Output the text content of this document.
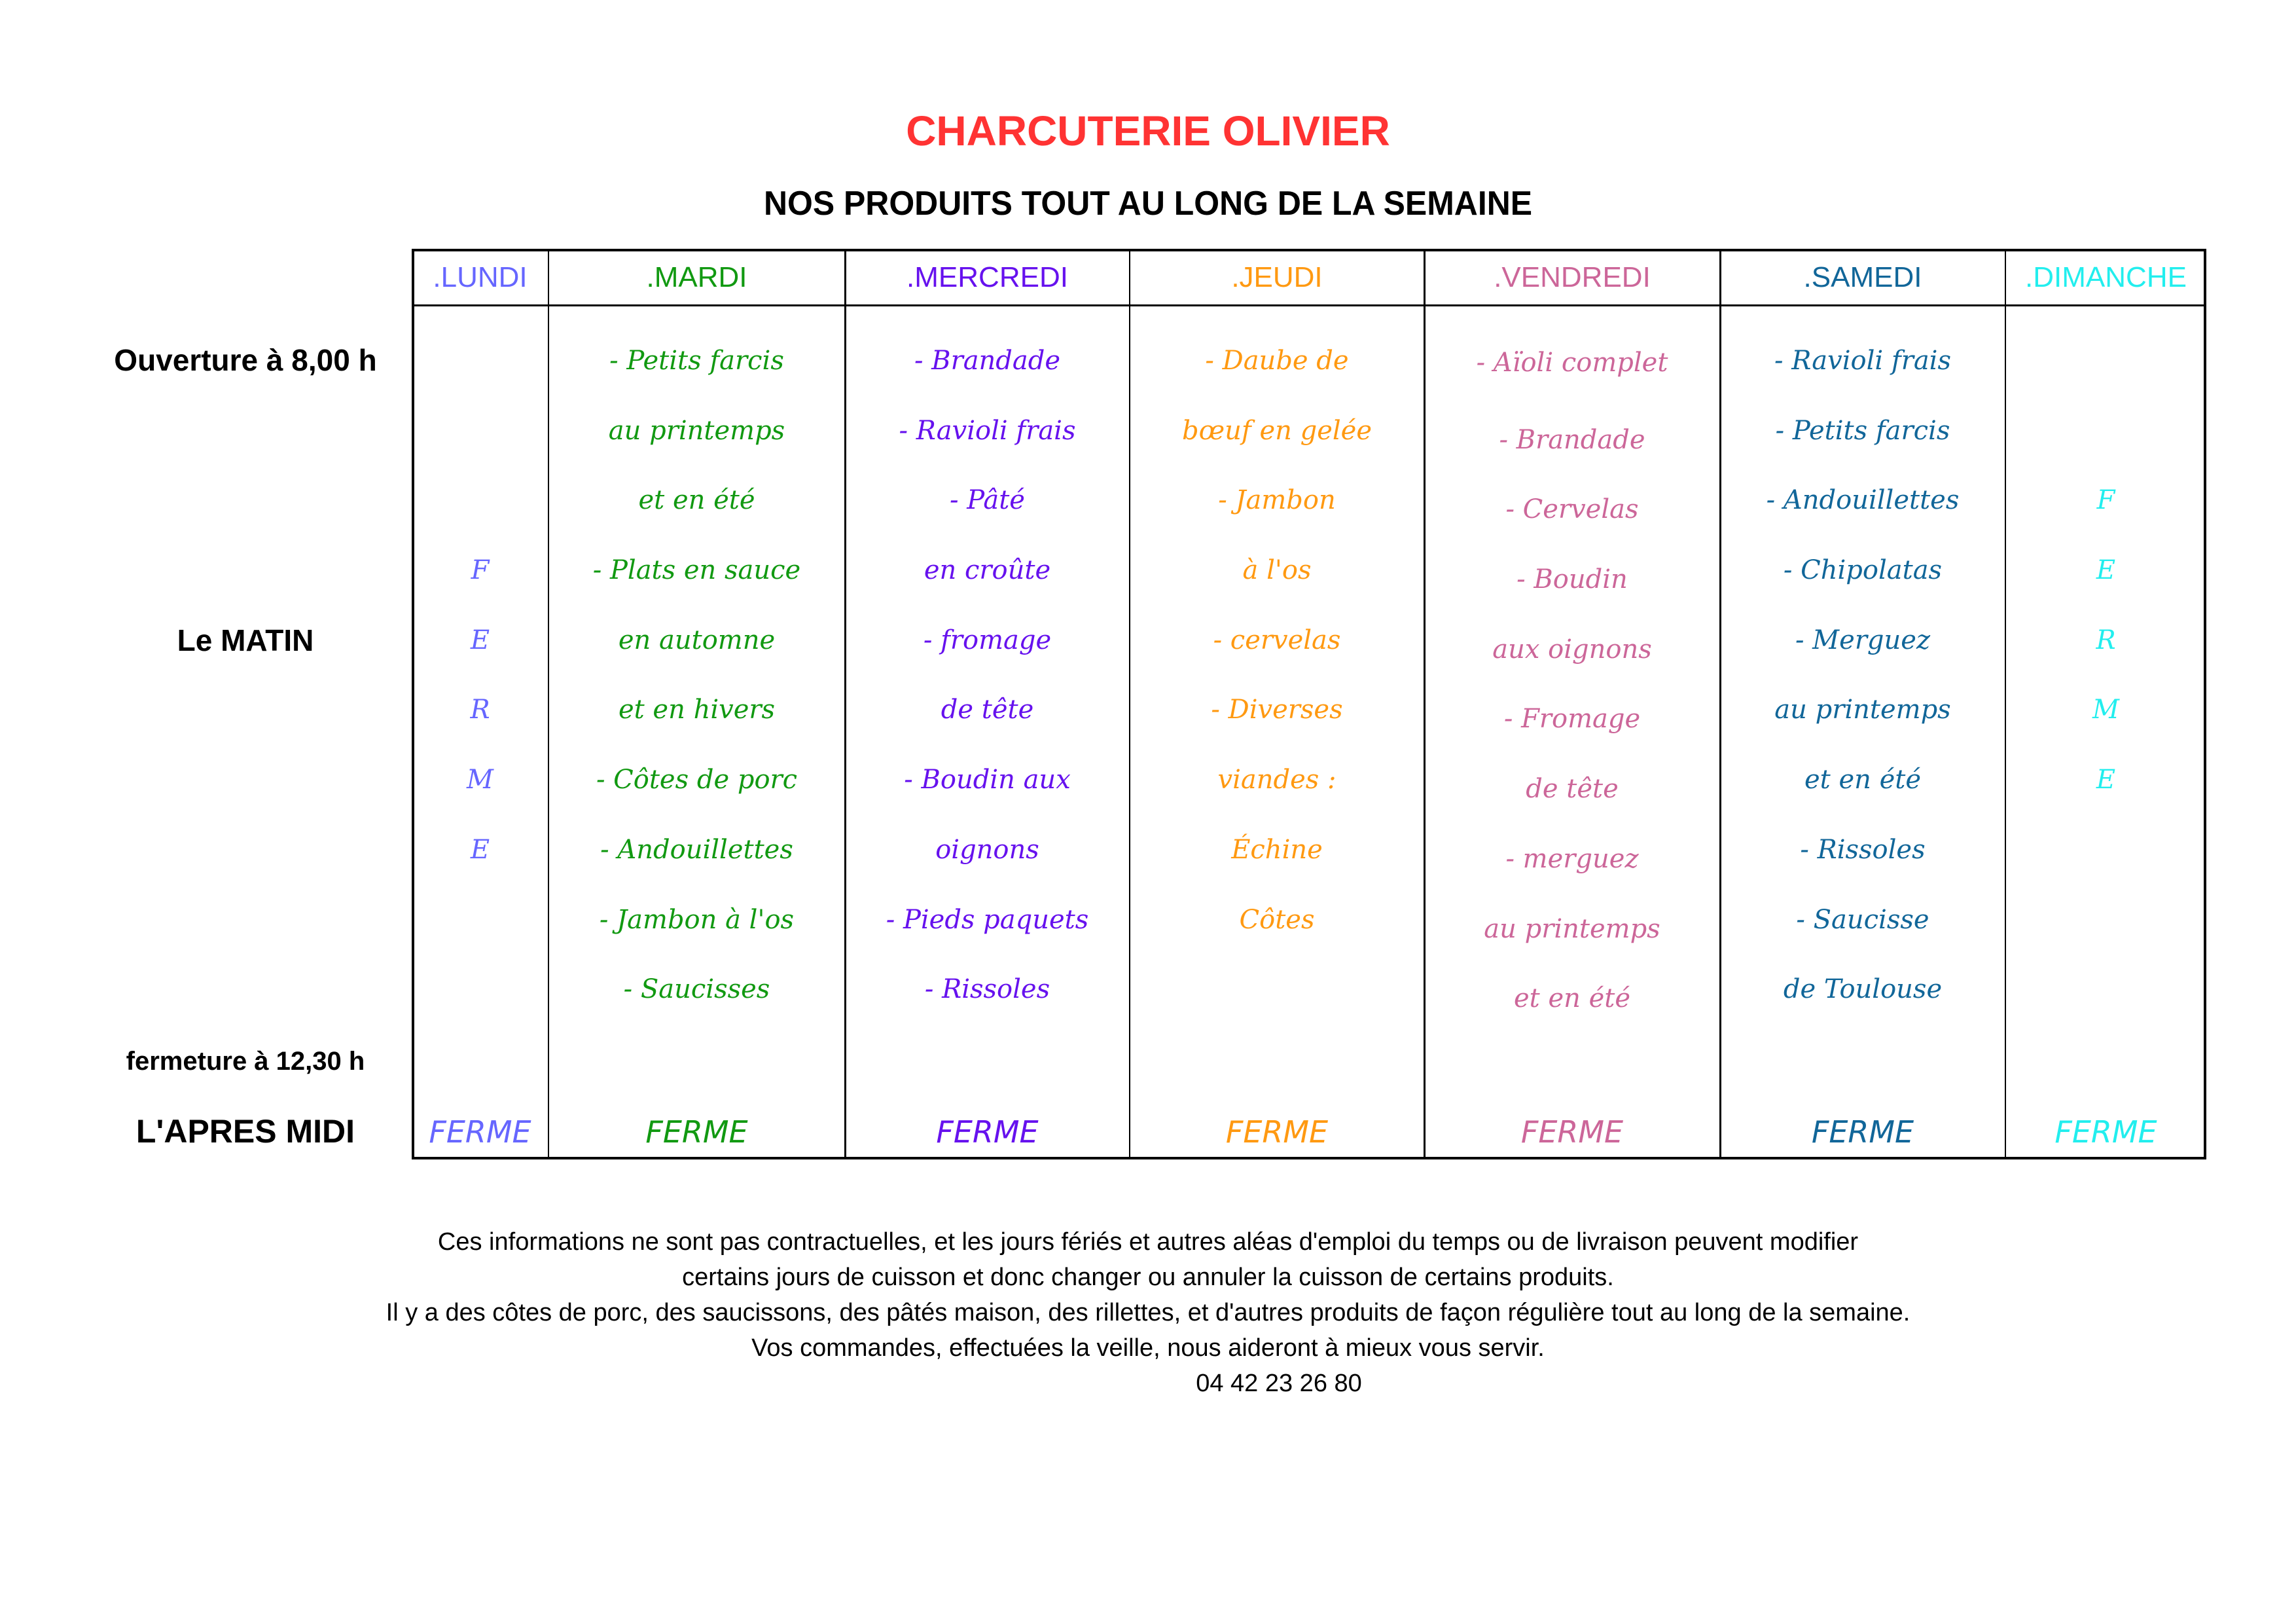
CHARCUTERIE OLIVIER
NOS PRODUITS TOUT AU LONG DE LA SEMAINE
Ouverture à 8,00 h
Le MATIN
fermeture à 12,30 h
L'APRES MIDI
.LUNDI
F
E
R
M
E
FERME
.MARDI
- Petits farcis
au printemps
et en été
- Plats en sauce
en automne
et en hivers
- Côtes de porc
- Andouillettes
- Jambon à l'os
- Saucisses
FERME
.MERCREDI
- Brandade
- Ravioli frais
- Pâté
en croûte
- fromage
de tête
- Boudin aux
oignons
- Pieds paquets
- Rissoles
FERME
.JEUDI
- Daube de
bœuf en gelée
- Jambon
à l'os
- cervelas
- Diverses
viandes :
Échine
Côtes
FERME
.VENDREDI
- Aïoli complet
- Brandade
- Cervelas
- Boudin
aux oignons
- Fromage
de tête
- merguez
au printemps
et en été
FERME
.SAMEDI
- Ravioli frais
- Petits farcis
- Andouillettes
- Chipolatas
- Merguez
au printemps
et en été
- Rissoles
- Saucisse
de Toulouse
FERME
.DIMANCHE
F
E
R
M
E
FERME
Ces informations ne sont pas contractuelles, et les jours fériés et autres aléas d'emploi du temps ou de livraison peuvent modifier
certains jours de cuisson et donc changer ou annuler la cuisson de certains produits.
Il y a des côtes de porc, des saucissons, des pâtés maison, des rillettes, et d'autres produits de façon régulière tout au long de la semaine.
Vos commandes, effectuées la veille, nous aideront à mieux vous servir.
04 42 23 26 80
